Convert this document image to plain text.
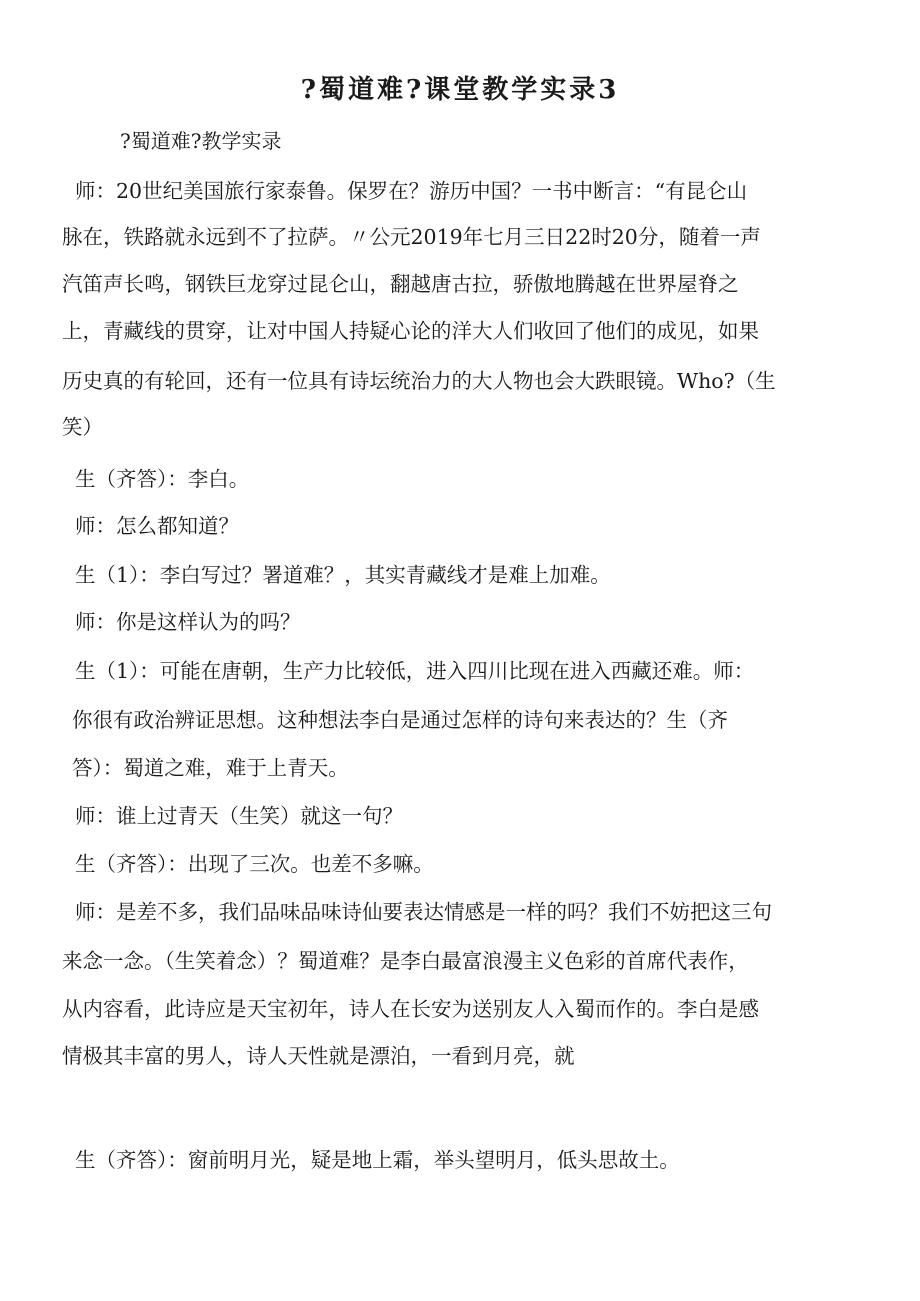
?蜀道难?课堂教学实录3
?蜀道难?教学实录
师：20世纪美国旅行家泰鲁。保罗在？游历中国？一书中断言：“有昆仑山
脉在，铁路就永远到不了拉萨。〃公元2019年七月三日22时20分，随着一声
汽笛声长鸣，钢铁巨龙穿过昆仑山，翻越唐古拉，骄傲地腾越在世界屋脊之
上，青藏线的贯穿，让对中国人持疑心论的洋大人们收回了他们的成见，如果
历史真的有轮回，还有一位具有诗坛统治力的大人物也会大跌眼镜。Who?（生
笑）
生（齐答）：李白。
师：怎么都知道？
生（1）：李白写过？署道难？，其实青藏线才是难上加难。
师：你是这样认为的吗？
生（1）：可能在唐朝，生产力比较低，进入四川比现在进入西藏还难。师：
你很有政治辨证思想。这种想法李白是通过怎样的诗句来表达的？生（齐
答）：蜀道之难，难于上青天。
师：谁上过青天（生笑）就这一句？
生（齐答）：出现了三次。也差不多嘛。
师：是差不多，我们品味品味诗仙要表达情感是一样的吗？我们不妨把这三句
来念一念。（生笑着念）？蜀道难？是李白最富浪漫主义色彩的首席代表作，
从内容看，此诗应是天宝初年，诗人在长安为送别友人入蜀而作的。李白是感
情极其丰富的男人，诗人天性就是漂泊，一看到月亮，就
生（齐答）：窗前明月光，疑是地上霜，举头望明月，低头思故土。
